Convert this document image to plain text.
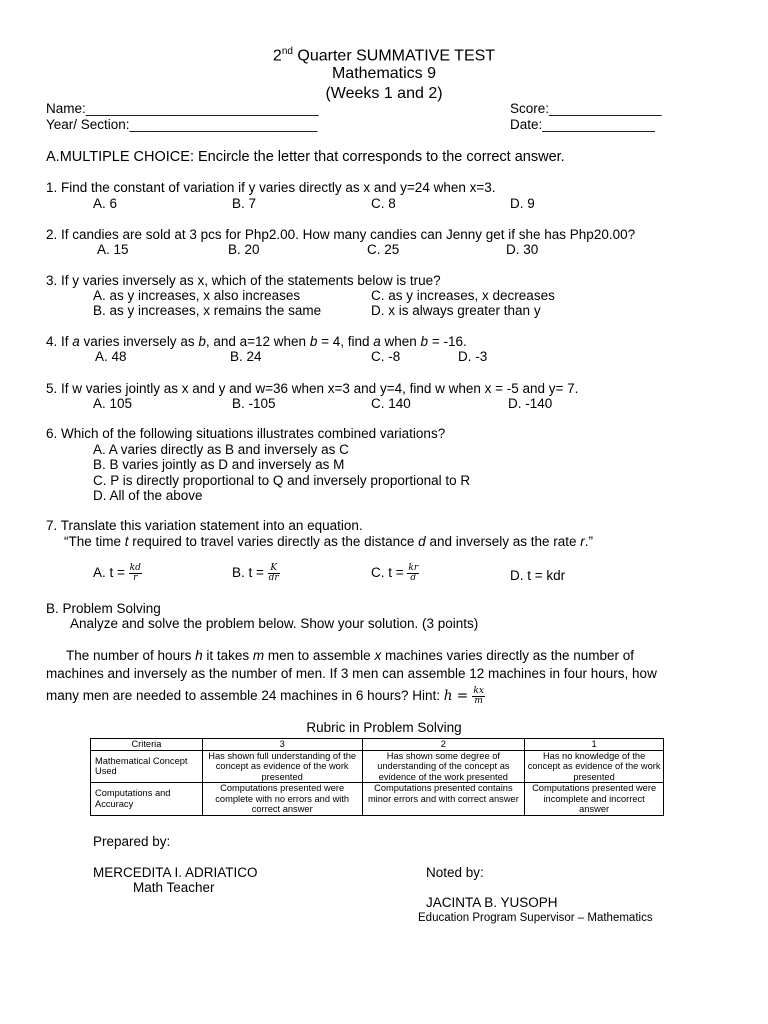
2nd Quarter SUMMATIVE TEST
Mathematics 9
(Weeks 1 and 2)
Name:_______________________________	Score:_______________
Year/ Section:_________________________	Date:_______________
A.MULTIPLE CHOICE: Encircle the letter that corresponds to the correct answer.
1. Find the constant of variation if y varies directly as x and y=24 when x=3.
A. 6	B. 7	C. 8	D. 9
2. If candies are sold at 3 pcs for Php2.00. How many candies can Jenny get if she has Php20.00?
A. 15	B. 20	C. 25	D. 30
3. If y varies inversely as x, which of the statements below is true?
A. as y increases, x also increases	C. as y increases, x decreases
B. as y increases, x remains the same	D. x is always greater than y
4. If a varies inversely as b, and a=12 when b = 4, find a when b = -16.
A. 48	B. 24	C. -8	D. -3
5. If w varies jointly as x and y and w=36 when x=3 and y=4, find w when x = -5 and y= 7.
A. 105	B. -105	C. 140	D. -140
6. Which of the following situations illustrates combined variations?
A. A varies directly as B and inversely as C
B. B varies jointly as D and inversely as M
C. P is directly proportional to Q and inversely proportional to R
D. All of the above
7. Translate this variation statement into an equation.
“The time t required to travel varies directly as the distance d and inversely as the rate r.”
A. $t = \frac{kd}{r}$	B. $t = \frac{K}{dr}$	C. $t = \frac{kr}{d}$	D. t = kdr
B. Problem Solving
Analyze and solve the problem below. Show your solution. (3 points)
The number of hours h it takes m men to assemble x machines varies directly as the number of
machines and inversely as the number of men. If 3 men can assemble 12 machines in four hours, how
many men are needed to assemble 24 machines in 6 hours? Hint: $h = \frac{kx}{m}$
Rubric in Problem Solving
Criteria	3	2	1
Mathematical Concept Used	Has shown full understanding of the concept as evidence of the work presented	Has shown some degree of understanding of the concept as evidence of the work presented	Has no knowledge of the concept as evidence of the work presented
Computations and Accuracy	Computations presented were complete with no errors and with correct answer	Computations presented contains minor errors and with correct answer	Computations presented were incomplete and incorrect answer
Prepared by:
MERCEDITA I. ADRIATICO
Math Teacher
Noted by:
JACINTA B. YUSOPH
Education Program Supervisor – Mathematics
